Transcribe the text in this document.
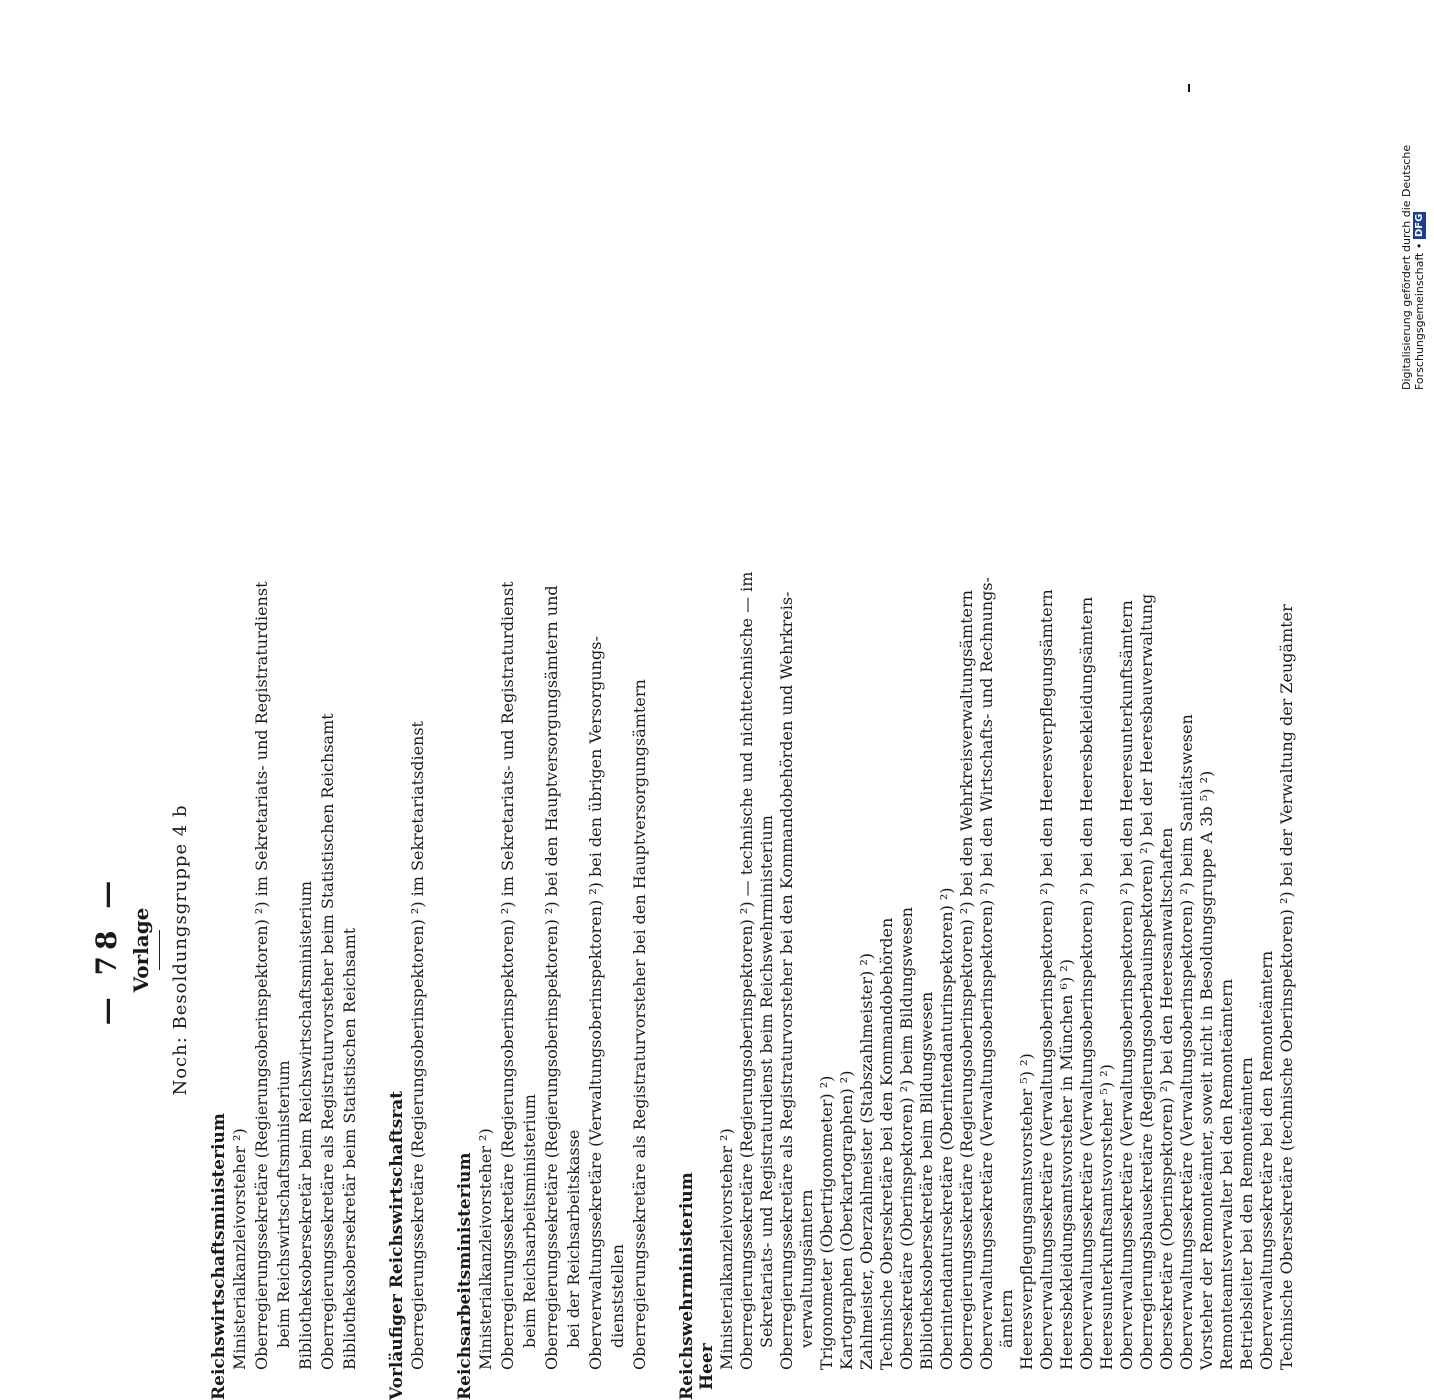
— 78 — Vorlage Noch: Besoldungsgruppe 4 b
Reichswirtschaftsministerium Ministerialkanzleivorsteher ²) Oberregierungssekretäre (Regierungsoberinspektoren) ²) im Sekretariats- und Registraturdienst beim Reichswirtschaftsministerium Bibliotheksobersekretär beim Reichswirtschaftsministerium Oberregierungssekretäre als Registraturvorsteher beim Statistischen Reichsamt Bibliotheksobersekretär beim Statistischen Reichsamt Vorläufiger Reichswirtschaftsrat Oberregierungssekretäre (Regierungsoberinspektoren) ²) im Sekretariatsdienst Reichsarbeitsministerium Ministerialkanzleivorsteher ²) Oberregierungssekretäre (Regierungsoberinspektoren) ²) im Sekretariats- und Registraturdienst beim Reichsarbeitsministerium Oberregierungssekretäre (Regierungsoberinspektoren) ²) bei den Hauptversorgungsämtern und bei der Reichsarbeitskasse Oberverwaltungssekretäre (Verwaltungsoberinspektoren) ²) bei den übrigen Versorgungs- dienststellen Oberregierungssekretäre als Registraturvorsteher bei den Hauptversorgungsämtern Reichswehrministerium Heer Ministerialkanzleivorsteher ²) Oberregierungssekretäre (Regierungsoberinspektoren) ²) — technische und nichttechnische — im Sekretariats- und Registraturdienst beim Reichswehrministerium Oberregierungssekretäre als Registraturvorsteher bei den Kommandobehörden und Wehrkreis- verwaltungsämtern Trigonometer (Obertrigonometer) ²) Kartographen (Oberkartographen) ²) Zahlmeister, Oberzahlmeister (Stabszahlmeister) ²) Technische Obersekretäre bei den Kommandobehörden Obersekretäre (Oberinspektoren) ²) beim Bildungswesen Bibliotheksobersekretäre beim Bildungswesen Oberintendantursekretäre (Oberintendanturinspektoren) ²) Oberregierungssekretäre (Regierungsoberinspektoren) ²) bei den Wehrkreisverwaltungsämtern Oberverwaltungssekretäre (Verwaltungsoberinspektoren) ²) bei den Wirtschafts- und Rechnungs- ämtern Heeresverpflegungsamtsvorsteher ⁵) ²) Oberverwaltungssekretäre (Verwaltungsoberinspektoren) ²) bei den Heeresverpflegungsämtern Heeresbekleidungsamtsvorsteher in München ⁶) ²) Oberverwaltungssekretäre (Verwaltungsoberinspektoren) ²) bei den Heeresbekleidungsämtern Heeresunterkunftsamtsvorsteher ⁵) ²) Oberverwaltungssekretäre (Verwaltungsoberinspektoren) ²) bei den Heeresunterkunftsämtern Oberregierungsbausekretäre (Regierungsoberbauinspektoren) ²) bei der Heeresbauverwaltung Obersekretäre (Oberinspektoren) ²) bei den Heeresanwaltschaften Oberverwaltungssekretäre (Verwaltungsoberinspektoren) ²) beim Sanitätswesen Vorsteher der Remonteämter, soweit nicht in Besoldungsgruppe A 3b ⁵) ²) Remonteamtsverwalter bei den Remonteämtern Betriebsleiter bei den Remonteämtern Oberverwaltungssekretäre bei den Remonteämtern Technische Obersekretäre (technische Oberinspektoren) ²) bei der Verwaltung der Zeugämter
Digitalisierung gefördert durch die Deutsche Forschungsgemeinschaft • DFG
